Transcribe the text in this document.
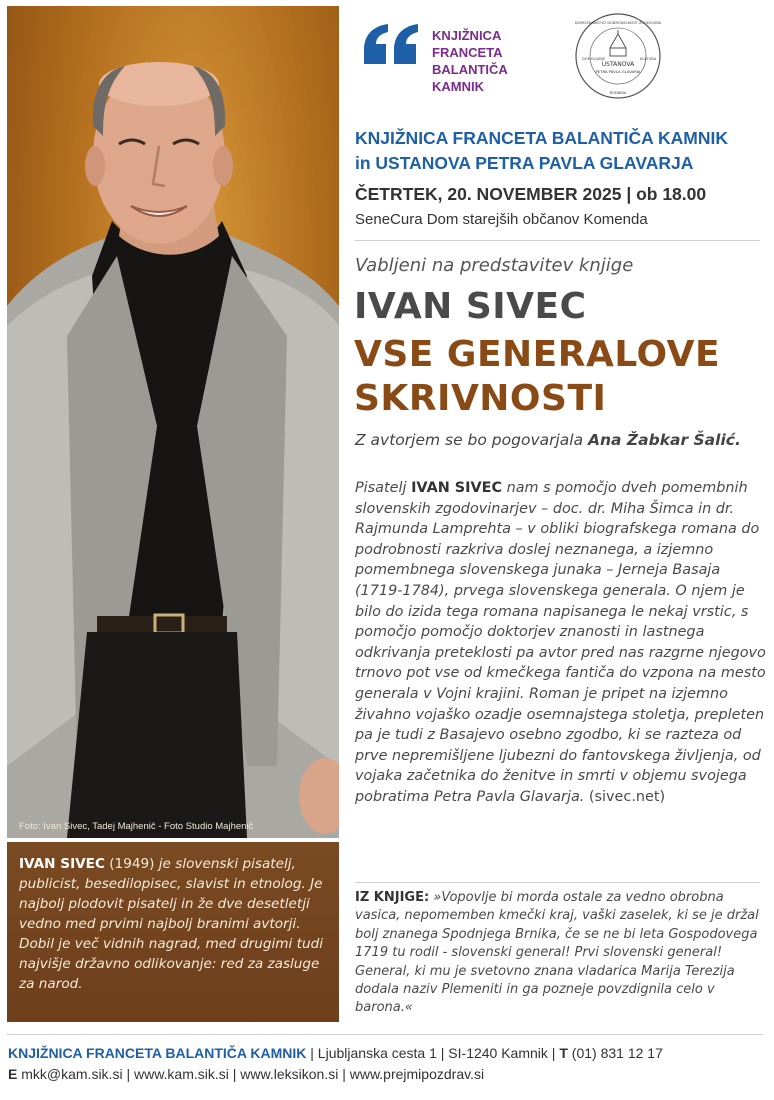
Foto: Ivan Sivec, Tadej Majhenič - Foto Studio Majhenič
IVAN SIVEC (1949) je slovenski pisatelj, publicist, besedilopisec, slavist in etnolog. Je najbolj plodovit pisatelj in že dve desetletji vedno med prvimi najbolj branimi avtorji. Dobil je več vidnih nagrad, med drugimi tudi najvišje državno odlikovanje: red za zasluge za narod.
KNJIŽNICA
FRANCETA
BALANTIČA
KAMNIK
USTANOVA
PETRA PAVLA GLAVARJA
DOMOZNANSTVO DOBRODELNOST ZGODOVINA
DOMOLJUBJE	KULTURA
RODBINA
KNJIŽNICA FRANCETA BALANTIČA KAMNIK
in USTANOVA PETRA PAVLA GLAVARJA
ČETRTEK, 20. NOVEMBER 2025 | ob 18.00
SeneCura Dom starejših občanov Komenda
Vabljeni na predstavitev knjige
IVAN SIVEC
VSE GENERALOVE
SKRIVNOSTI
Z avtorjem se bo pogovarjala Ana Žabkar Šalić.
Pisatelj IVAN SIVEC nam s pomočjo dveh pomembnih slovenskih zgodovinarjev – doc. dr. Miha Šimca in dr. Rajmunda Lamprehta – v obliki biografskega romana do podrobnosti razkriva doslej neznanega, a izjemno pomembnega slovenskega junaka – Jerneja Basaja (1719-1784), prvega slovenskega generala. O njem je bilo do izida tega romana napisanega le nekaj vrstic, s pomočjo pomočjo doktorjev znanosti in lastnega odkrivanja preteklosti pa avtor pred nas razgrne njegovo trnovo pot vse od kmečkega fantiča do vzpona na mesto generala v Vojni krajini. Roman je pripet na izjemno živahno vojaško ozadje osemnajstega stoletja, prepleten pa je tudi z Basajevo osebno zgodbo, ki se razteza od prve nepremišljene ljubezni do fantovskega življenja, od vojaka začetnika do ženitve in smrti v objemu svojega pobratima Petra Pavla Glavarja. (sivec.net)
IZ KNJIGE: »Vopovlje bi morda ostale za vedno obrobna vasica, nepomemben kmečki kraj, vaški zaselek, ki se je držal bolj znanega Spodnjega Brnika, če se ne bi leta Gospodovega 1719 tu rodil - slovenski general! Prvi slovenski general! General, ki mu je svetovno znana vladarica Marija Terezija dodala naziv Plemeniti in ga pozneje povzdignila celo v barona.«
KNJIŽNICA FRANCETA BALANTIČA KAMNIK | Ljubljanska cesta 1 | SI-1240 Kamnik | T (01) 831 12 17
E mkk@kam.sik.si | www.kam.sik.si | www.leksikon.si | www.prejmipozdrav.si
